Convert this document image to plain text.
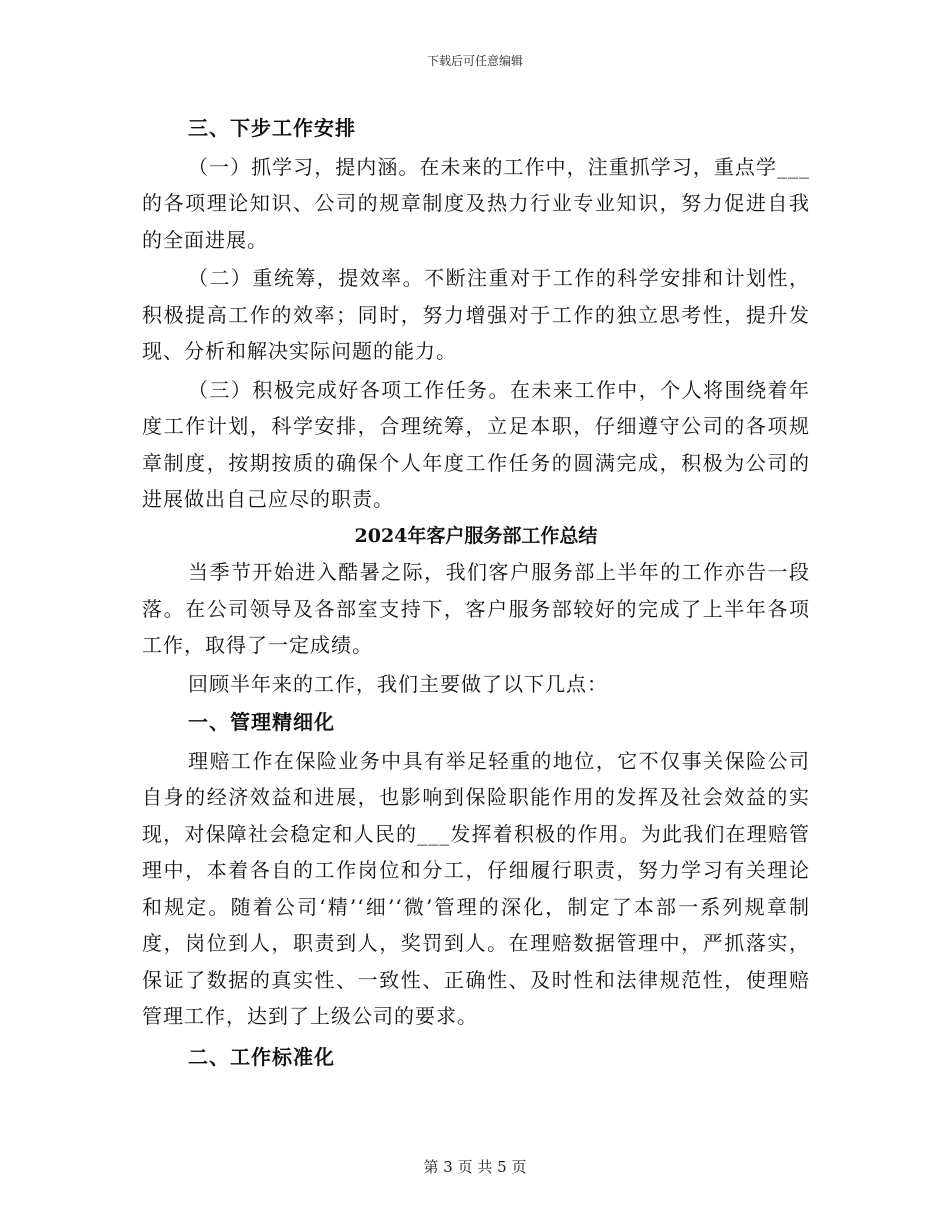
下载后可任意编辑

三、下步工作安排

（一）抓学习，提内涵。在未来的工作中，注重抓学习，重点学___的各项理论知识、公司的规章制度及热力行业专业知识，努力促进自我的全面进展。

（二）重统筹，提效率。不断注重对于工作的科学安排和计划性，积极提高工作的效率；同时，努力增强对于工作的独立思考性，提升发现、分析和解决实际问题的能力。

（三）积极完成好各项工作任务。在未来工作中，个人将围绕着年度工作计划，科学安排，合理统筹，立足本职，仔细遵守公司的各项规章制度，按期按质的确保个人年度工作任务的圆满完成，积极为公司的进展做出自己应尽的职责。

2024年客户服务部工作总结

当季节开始进入酷暑之际，我们客户服务部上半年的工作亦告一段落。在公司领导及各部室支持下，客户服务部较好的完成了上半年各项工作，取得了一定成绩。

回顾半年来的工作，我们主要做了以下几点：

一、管理精细化

理赔工作在保险业务中具有举足轻重的地位，它不仅事关保险公司自身的经济效益和进展，也影响到保险职能作用的发挥及社会效益的实现，对保障社会稳定和人民的___发挥着积极的作用。为此我们在理赔管理中，本着各自的工作岗位和分工，仔细履行职责，努力学习有关理论和规定。随着公司‘精’‘细’‘微’管理的深化，制定了本部一系列规章制度，岗位到人，职责到人，奖罚到人。在理赔数据管理中，严抓落实，保证了数据的真实性、一致性、正确性、及时性和法律规范性，使理赔管理工作，达到了上级公司的要求。

二、工作标准化

第 3 页 共 5 页
